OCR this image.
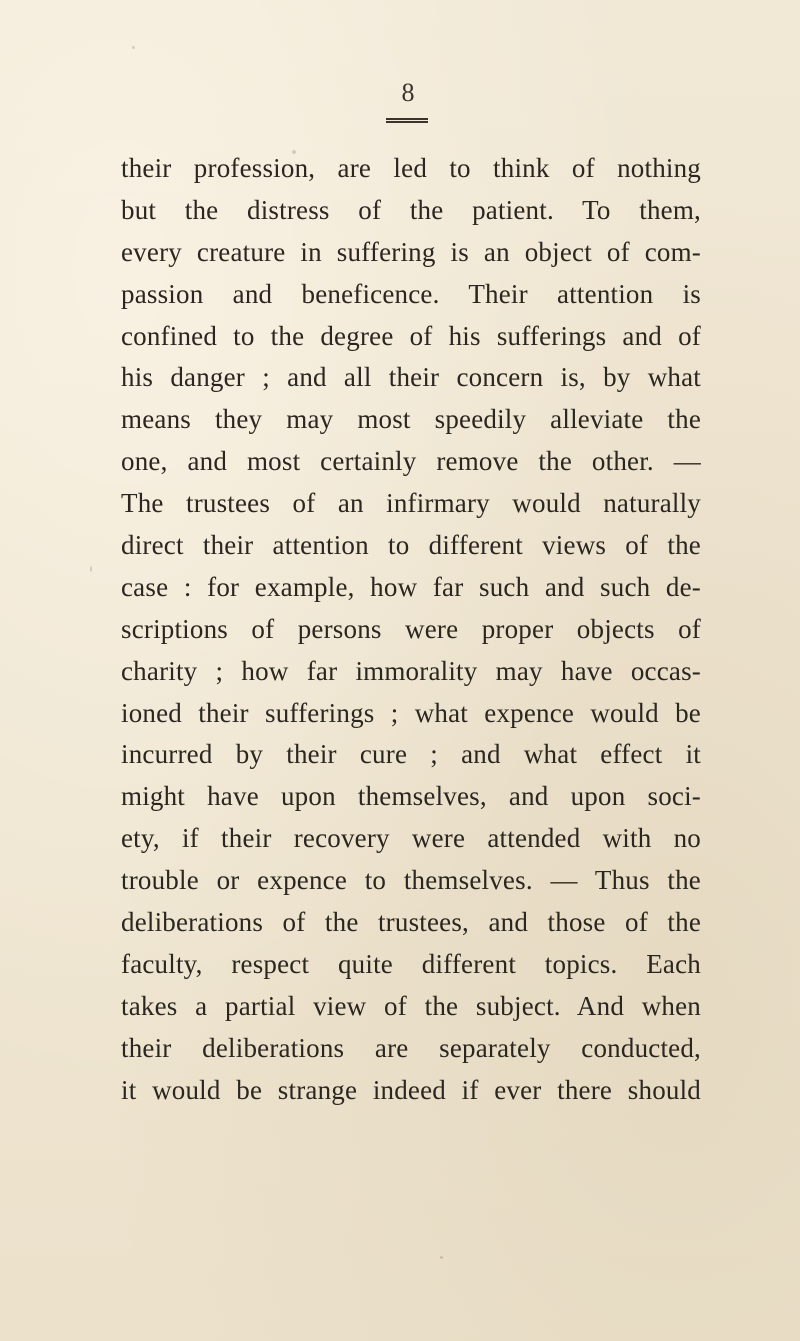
8
their profession, are led to think of nothing
but the distress of the patient. To them,
every creature in suffering is an object of com-
passion and beneficence. Their attention is
confined to the degree of his sufferings and of
his danger ; and all their concern is, by what
means they may most speedily alleviate the
one, and most certainly remove the other. —
The trustees of an infirmary would naturally
direct their attention to different views of the
case : for example, how far such and such de-
scriptions of persons were proper objects of
charity ; how far immorality may have occas-
ioned their sufferings ; what expence would be
incurred by their cure ; and what effect it
might have upon themselves, and upon soci-
ety, if their recovery were attended with no
trouble or expence to themselves. — Thus the
deliberations of the trustees, and those of the
faculty, respect quite different topics. Each
takes a partial view of the subject. And when
their deliberations are separately conducted,
it would be strange indeed if ever there should
